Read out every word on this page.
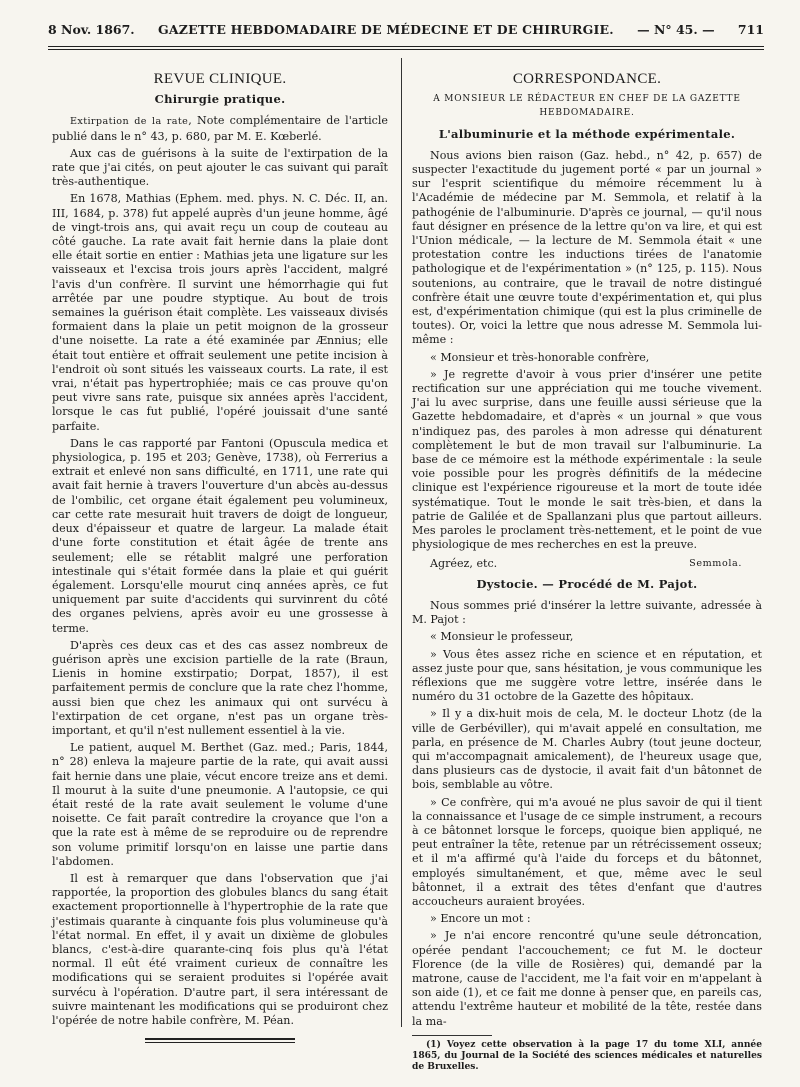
8 Nov. 1867. GAZETTE HEBDOMADAIRE DE MÉDECINE ET DE CHIRURGIE. — N° 45. — 711
REVUE CLINIQUE.
Chirurgie pratique.

Extirpation de la rate, Note complémentaire de l'article publié dans le n° 43, p. 680, par M. E. Kœberlé.

Aux cas de guérisons à la suite de l'extirpation de la rate que j'ai cités, on peut ajouter le cas suivant qui paraît très-authentique.

En 1678, Mathias (Ephem. med. phys. N. C. Déc. II, an. III, 1684, p. 378) fut appelé auprès d'un jeune homme, âgé de vingt-trois ans, qui avait reçu un coup de couteau au côté gauche. La rate avait fait hernie dans la plaie dont elle était sortie en entier : Mathias jeta une ligature sur les vaisseaux et l'excisa trois jours après l'accident, malgré l'avis d'un confrère. Il survint une hémorrhagie qui fut arrêtée par une poudre styptique. Au bout de trois semaines la guérison était complète. Les vaisseaux divisés formaient dans la plaie un petit moignon de la grosseur d'une noisette. La rate a été examinée par Ænnius; elle était tout entière et offrait seulement une petite incision à l'endroit où sont situés les vaisseaux courts. La rate, il est vrai, n'était pas hypertrophiée; mais ce cas prouve qu'on peut vivre sans rate, puisque six années après l'accident, lorsque le cas fut publié, l'opéré jouissait d'une santé parfaite.

Dans le cas rapporté par Fantoni (Opuscula medica et physiologica, p. 195 et 203; Genève, 1738), où Ferrerius a extrait et enlevé non sans difficulté, en 1711, une rate qui avait fait hernie à travers l'ouverture d'un abcès au-dessus de l'ombilic, cet organe était également peu volumineux, car cette rate mesurait huit travers de doigt de longueur, deux d'épaisseur et quatre de largeur. La malade était d'une forte constitution et était âgée de trente ans seulement; elle se rétablit malgré une perforation intestinale qui s'était formée dans la plaie et qui guérit également. Lorsqu'elle mourut cinq années après, ce fut uniquement par suite d'accidents qui survinrent du côté des organes pelviens, après avoir eu une grossesse à terme.

D'après ces deux cas et des cas assez nombreux de guérison après une excision partielle de la rate (Braun, Lienis in homine exstirpatio; Dorpat, 1857), il est parfaitement permis de conclure que la rate chez l'homme, aussi bien que chez les animaux qui ont survécu à l'extirpation de cet organe, n'est pas un organe très-important, et qu'il n'est nullement essentiel à la vie.

Le patient, auquel M. Berthet (Gaz. med.; Paris, 1844, n° 28) enleva la majeure partie de la rate, qui avait aussi fait hernie dans une plaie, vécut encore treize ans et demi. Il mourut à la suite d'une pneumonie. A l'autopsie, ce qui était resté de la rate avait seulement le volume d'une noisette. Ce fait paraît contredire la croyance que l'on a que la rate est à même de se reproduire ou de reprendre son volume primitif lorsqu'on en laisse une partie dans l'abdomen.

Il est à remarquer que dans l'observation que j'ai rapportée, la proportion des globules blancs du sang était exactement proportionnelle à l'hypertrophie de la rate que j'estimais quarante à cinquante fois plus volumineuse qu'à l'état normal. En effet, il y avait un dixième de globules blancs, c'est-à-dire quarante-cinq fois plus qu'à l'état normal. Il eût été vraiment curieux de connaître les modifications qui se seraient produites si l'opérée avait survécu à l'opération. D'autre part, il sera intéressant de suivre maintenant les modifications qui se produiront chez l'opérée de notre habile confrère, M. Péan.

CORRESPONDANCE.
A MONSIEUR LE RÉDACTEUR EN CHEF DE LA GAZETTE HEBDOMADAIRE.
L'albuminurie et la méthode expérimentale.

Nous avions bien raison (Gaz. hebd., n° 42, p. 657) de suspecter l'exactitude du jugement porté « par un journal » sur l'esprit scientifique du mémoire récemment lu à l'Académie de médecine par M. Semmola, et relatif à la pathogénie de l'albuminurie. D'après ce journal, — qu'il nous faut désigner en présence de la lettre qu'on va lire, et qui est l'Union médicale, — la lecture de M. Semmola était « une protestation contre les inductions tirées de l'anatomie pathologique et de l'expérimentation » (n° 125, p. 115). Nous soutenions, au contraire, que le travail de notre distingué confrère était une œuvre toute d'expérimentation et, qui plus est, d'expérimentation chimique (qui est la plus criminelle de toutes). Or, voici la lettre que nous adresse M. Semmola lui-même :

« Monsieur et très-honorable confrère,

» Je regrette d'avoir à vous prier d'insérer une petite rectification sur une appréciation qui me touche vivement. J'ai lu avec surprise, dans une feuille aussi sérieuse que la Gazette hebdomadaire, et d'après « un journal » que vous n'indiquez pas, des paroles à mon adresse qui dénaturent complètement le but de mon travail sur l'albuminurie. La base de ce mémoire est la méthode expérimentale : la seule voie possible pour les progrès définitifs de la médecine clinique est l'expérience rigoureuse et la mort de toute idée systématique. Tout le monde le sait très-bien, et dans la patrie de Galilée et de Spallanzani plus que partout ailleurs. Mes paroles le proclament très-nettement, et le point de vue physiologique de mes recherches en est la preuve.

Agréez, etc.	Semmola.
Dystocie. — Procédé de M. Pajot.

Nous sommes prié d'insérer la lettre suivante, adressée à M. Pajot :

« Monsieur le professeur,

» Vous êtes assez riche en science et en réputation, et assez juste pour que, sans hésitation, je vous communique les réflexions que me suggère votre lettre, insérée dans le numéro du 31 octobre de la Gazette des hôpitaux.

» Il y a dix-huit mois de cela, M. le docteur Lhotz (de la ville de Gerbéviller), qui m'avait appelé en consultation, me parla, en présence de M. Charles Aubry (tout jeune docteur, qui m'accompagnait amicalement), de l'heureux usage que, dans plusieurs cas de dystocie, il avait fait d'un bâtonnet de bois, semblable au vôtre.

» Ce confrère, qui m'a avoué ne plus savoir de qui il tient la connaissance et l'usage de ce simple instrument, a recours à ce bâtonnet lorsque le forceps, quoique bien appliqué, ne peut entraîner la tête, retenue par un rétrécissement osseux; et il m'a affirmé qu'à l'aide du forceps et du bâtonnet, employés simultanément, et que, même avec le seul bâtonnet, il a extrait des têtes d'enfant que d'autres accoucheurs auraient broyées.

» Encore un mot :

» Je n'ai encore rencontré qu'une seule détroncation, opérée pendant l'accouchement; ce fut M. le docteur Florence (de la ville de Rosières) qui, demandé par la matrone, cause de l'accident, me l'a fait voir en m'appelant à son aide (1), et ce fait me donne à penser que, en pareils cas, attendu l'extrême hauteur et mobilité de la tête, restée dans la ma-

(1) Voyez cette observation à la page 17 du tome XLI, année 1865, du Journal de la Société des sciences médicales et naturelles de Bruxelles.
